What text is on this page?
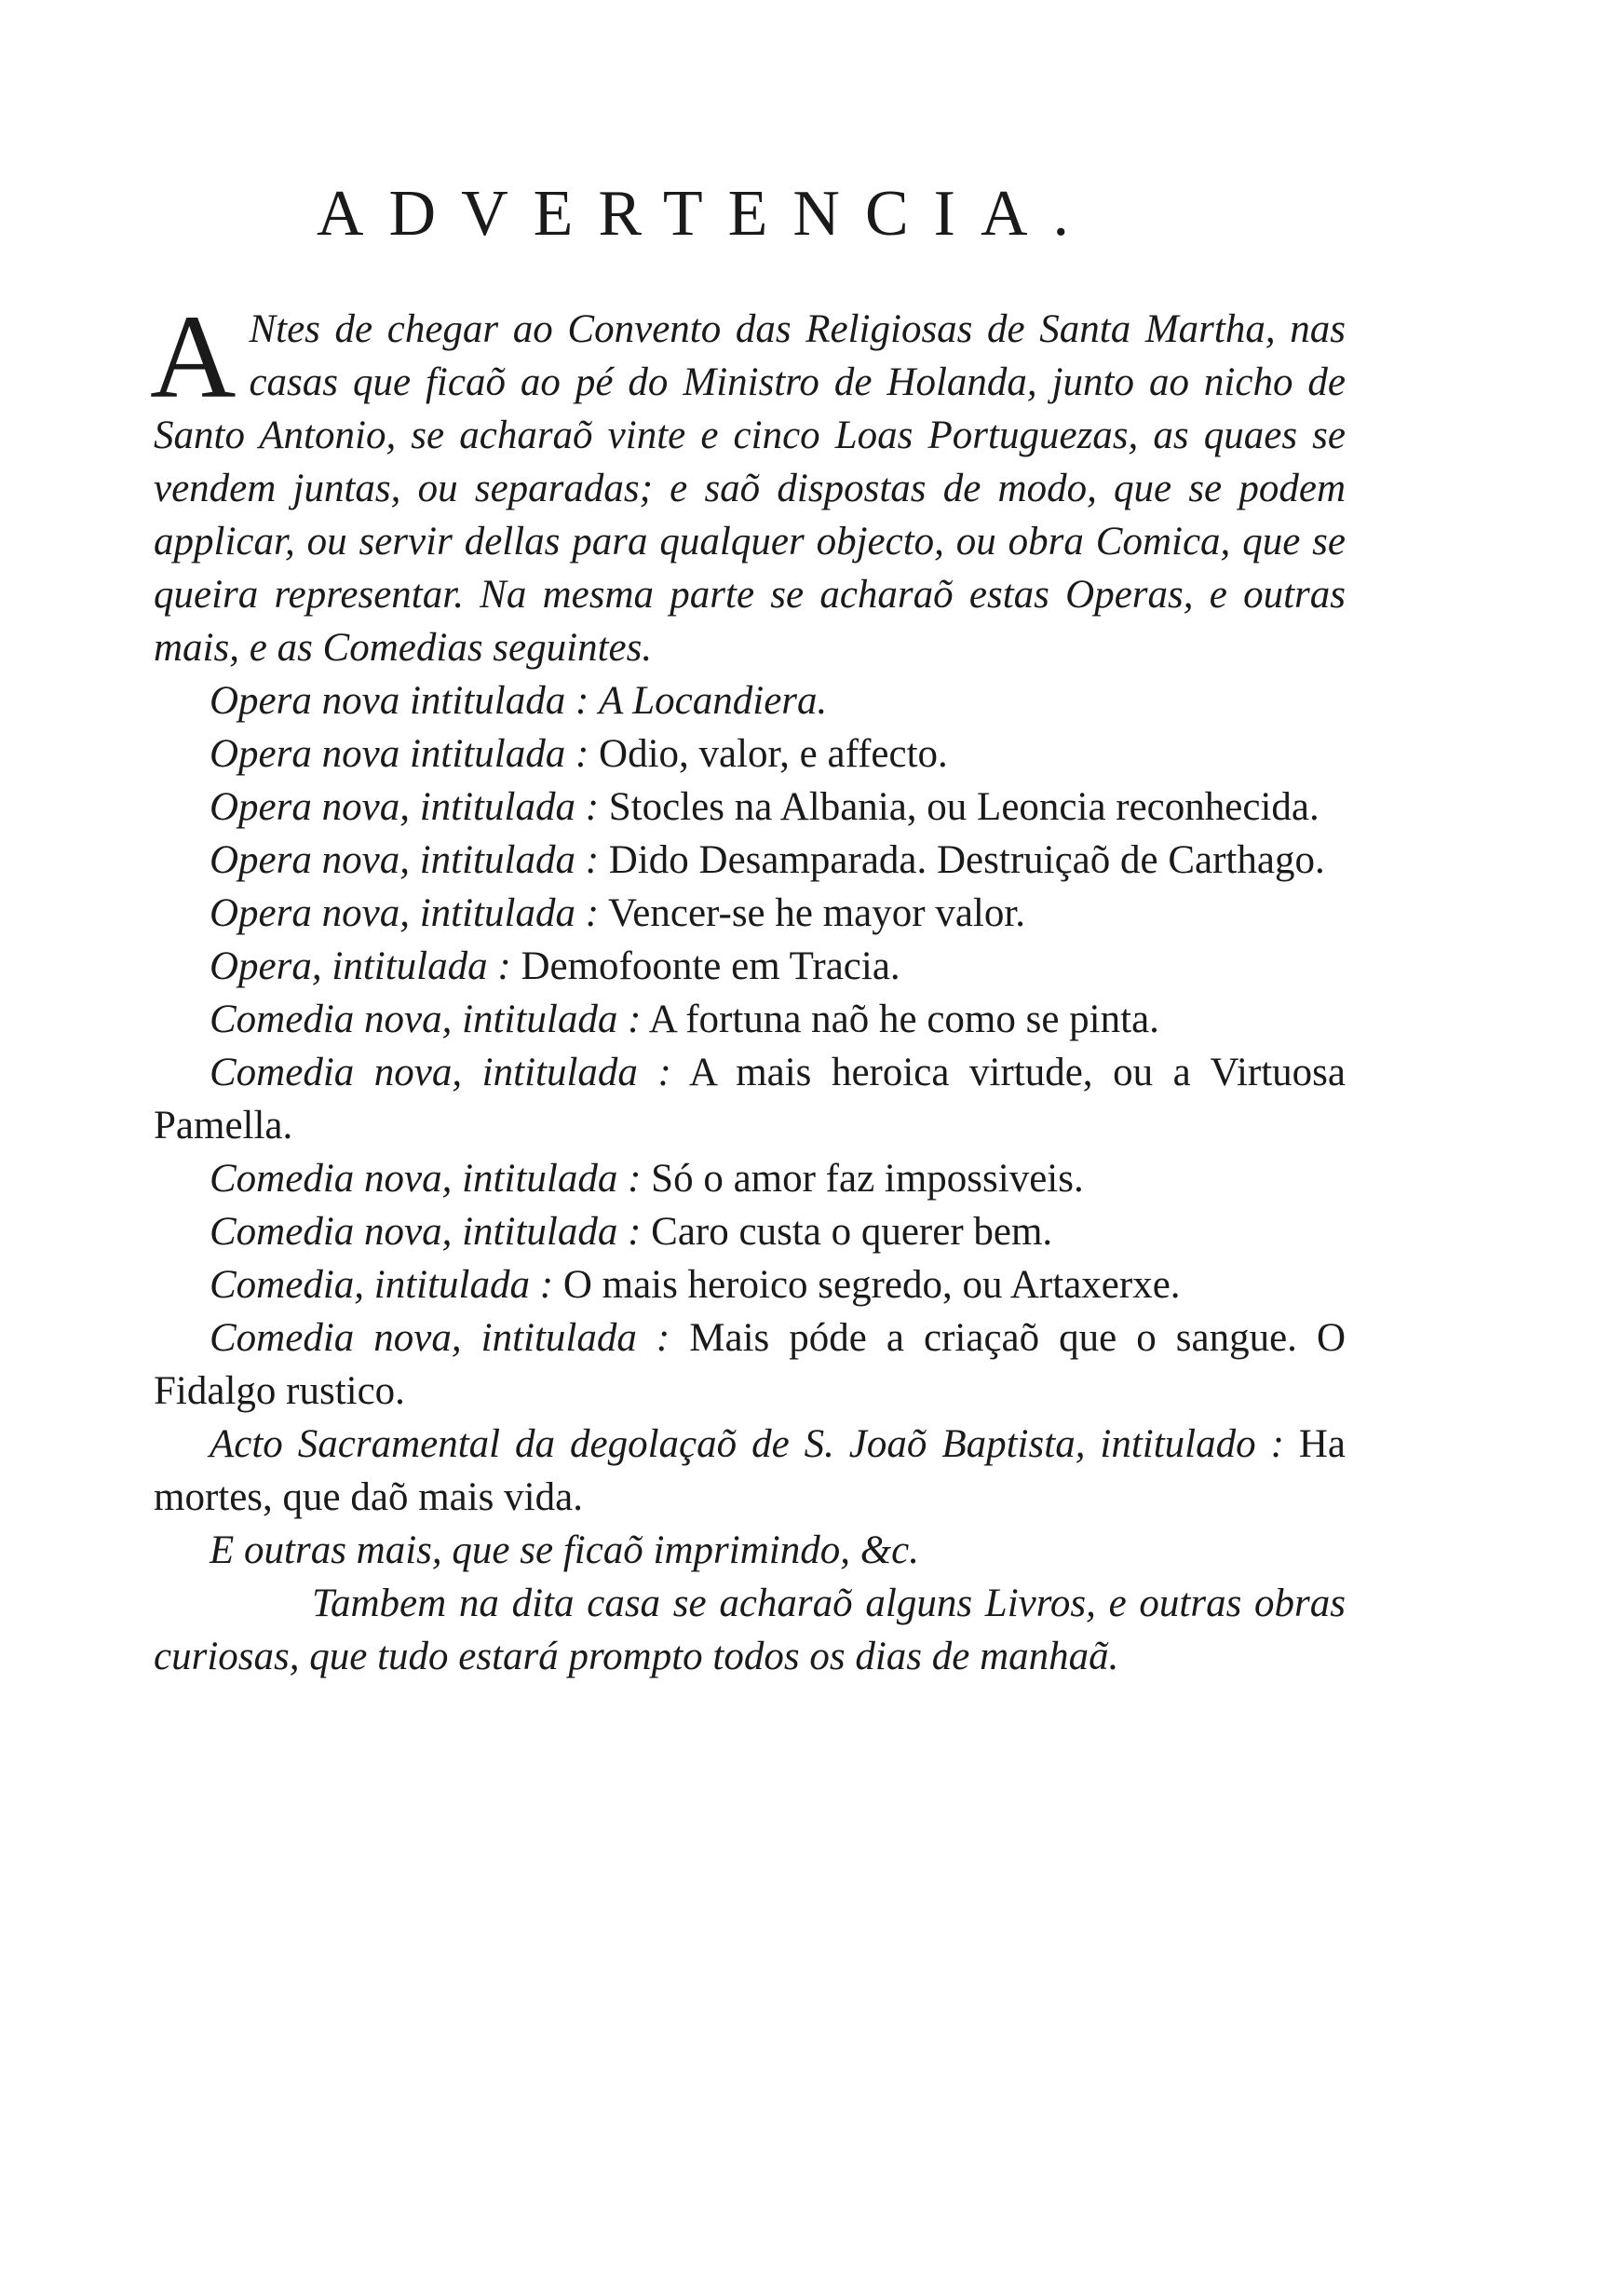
ADVERTENCIA.

A Ntes de chegar ao Convento das Religiosas de Santa Martha, nas casas que ficaõ ao pé do Ministro de Holanda, junto ao nicho de Santo Antonio, se acharaõ vinte e cinco Loas Portuguezas, as quaes se vendem juntas, ou separadas; e saõ dispostas de modo, que se podem applicar, ou servir dellas para qualquer objecto, ou obra Comica, que se queira representar. Na mesma parte se acharaõ estas Operas, e outras mais, e as Comedias seguintes.

Opera nova intitulada : A Locandiera.

Opera nova intitulada : Odio, valor, e affecto.

Opera nova, intitulada : Stocles na Albania, ou Leoncia reconhecida.

Opera nova, intitulada : Dido Desamparada. Destruiçaõ de Carthago.

Opera nova, intitulada : Vencer-se he mayor valor.

Opera, intitulada : Demofoonte em Tracia.

Comedia nova, intitulada : A fortuna naõ he como se pinta.

Comedia nova, intitulada : A mais heroica virtude, ou a Virtuosa Pamella.

Comedia nova, intitulada : Só o amor faz impossiveis.

Comedia nova, intitulada : Caro custa o querer bem.

Comedia, intitulada : O mais heroico segredo, ou Artaxerxe.

Comedia nova, intitulada : Mais póde a criaçaõ que o sangue. O Fidalgo rustico.

Acto Sacramental da degolaçaõ de S. Joaõ Baptista, intitulado : Ha mortes, que daõ mais vida.

E outras mais, que se ficaõ imprimindo, &c.

Tambem na dita casa se acharaõ alguns Livros, e outras obras curiosas, que tudo estará prompto todos os dias de manhaã.
